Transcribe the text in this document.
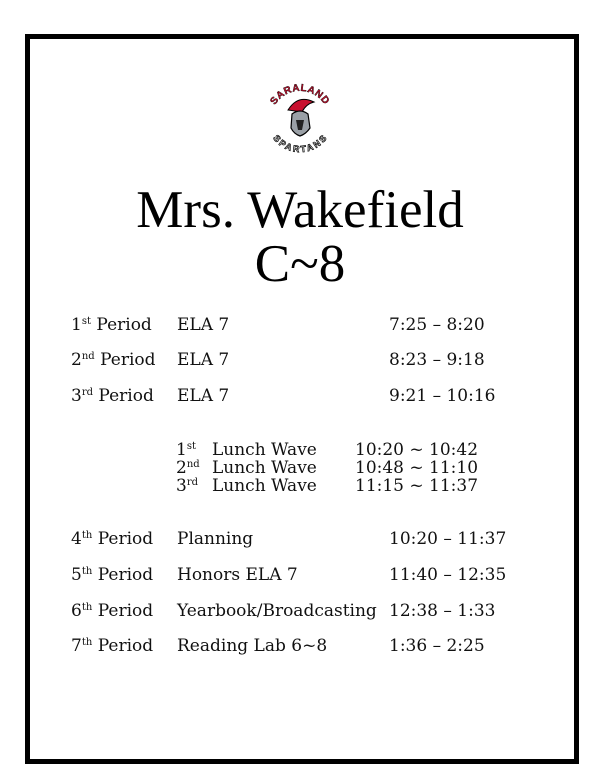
SARALAND
SPARTANS
Mrs. Wakefield
C~8
1st Period ELA 7	7:25 – 8:20
2nd Period ELA 7	8:23 – 9:18
3rd Period ELA 7	9:21 – 10:16
1st Lunch Wave 10:20 ~ 10:42
2nd Lunch Wave 10:48 ~ 11:10
3rd Lunch Wave 11:15 ~ 11:37
4th Period Planning	10:20 – 11:37
5th Period Honors ELA 7	11:40 – 12:35
6th Period Yearbook/Broadcasting 12:38 – 1:33
7th Period Reading Lab 6~8	1:36 – 2:25
